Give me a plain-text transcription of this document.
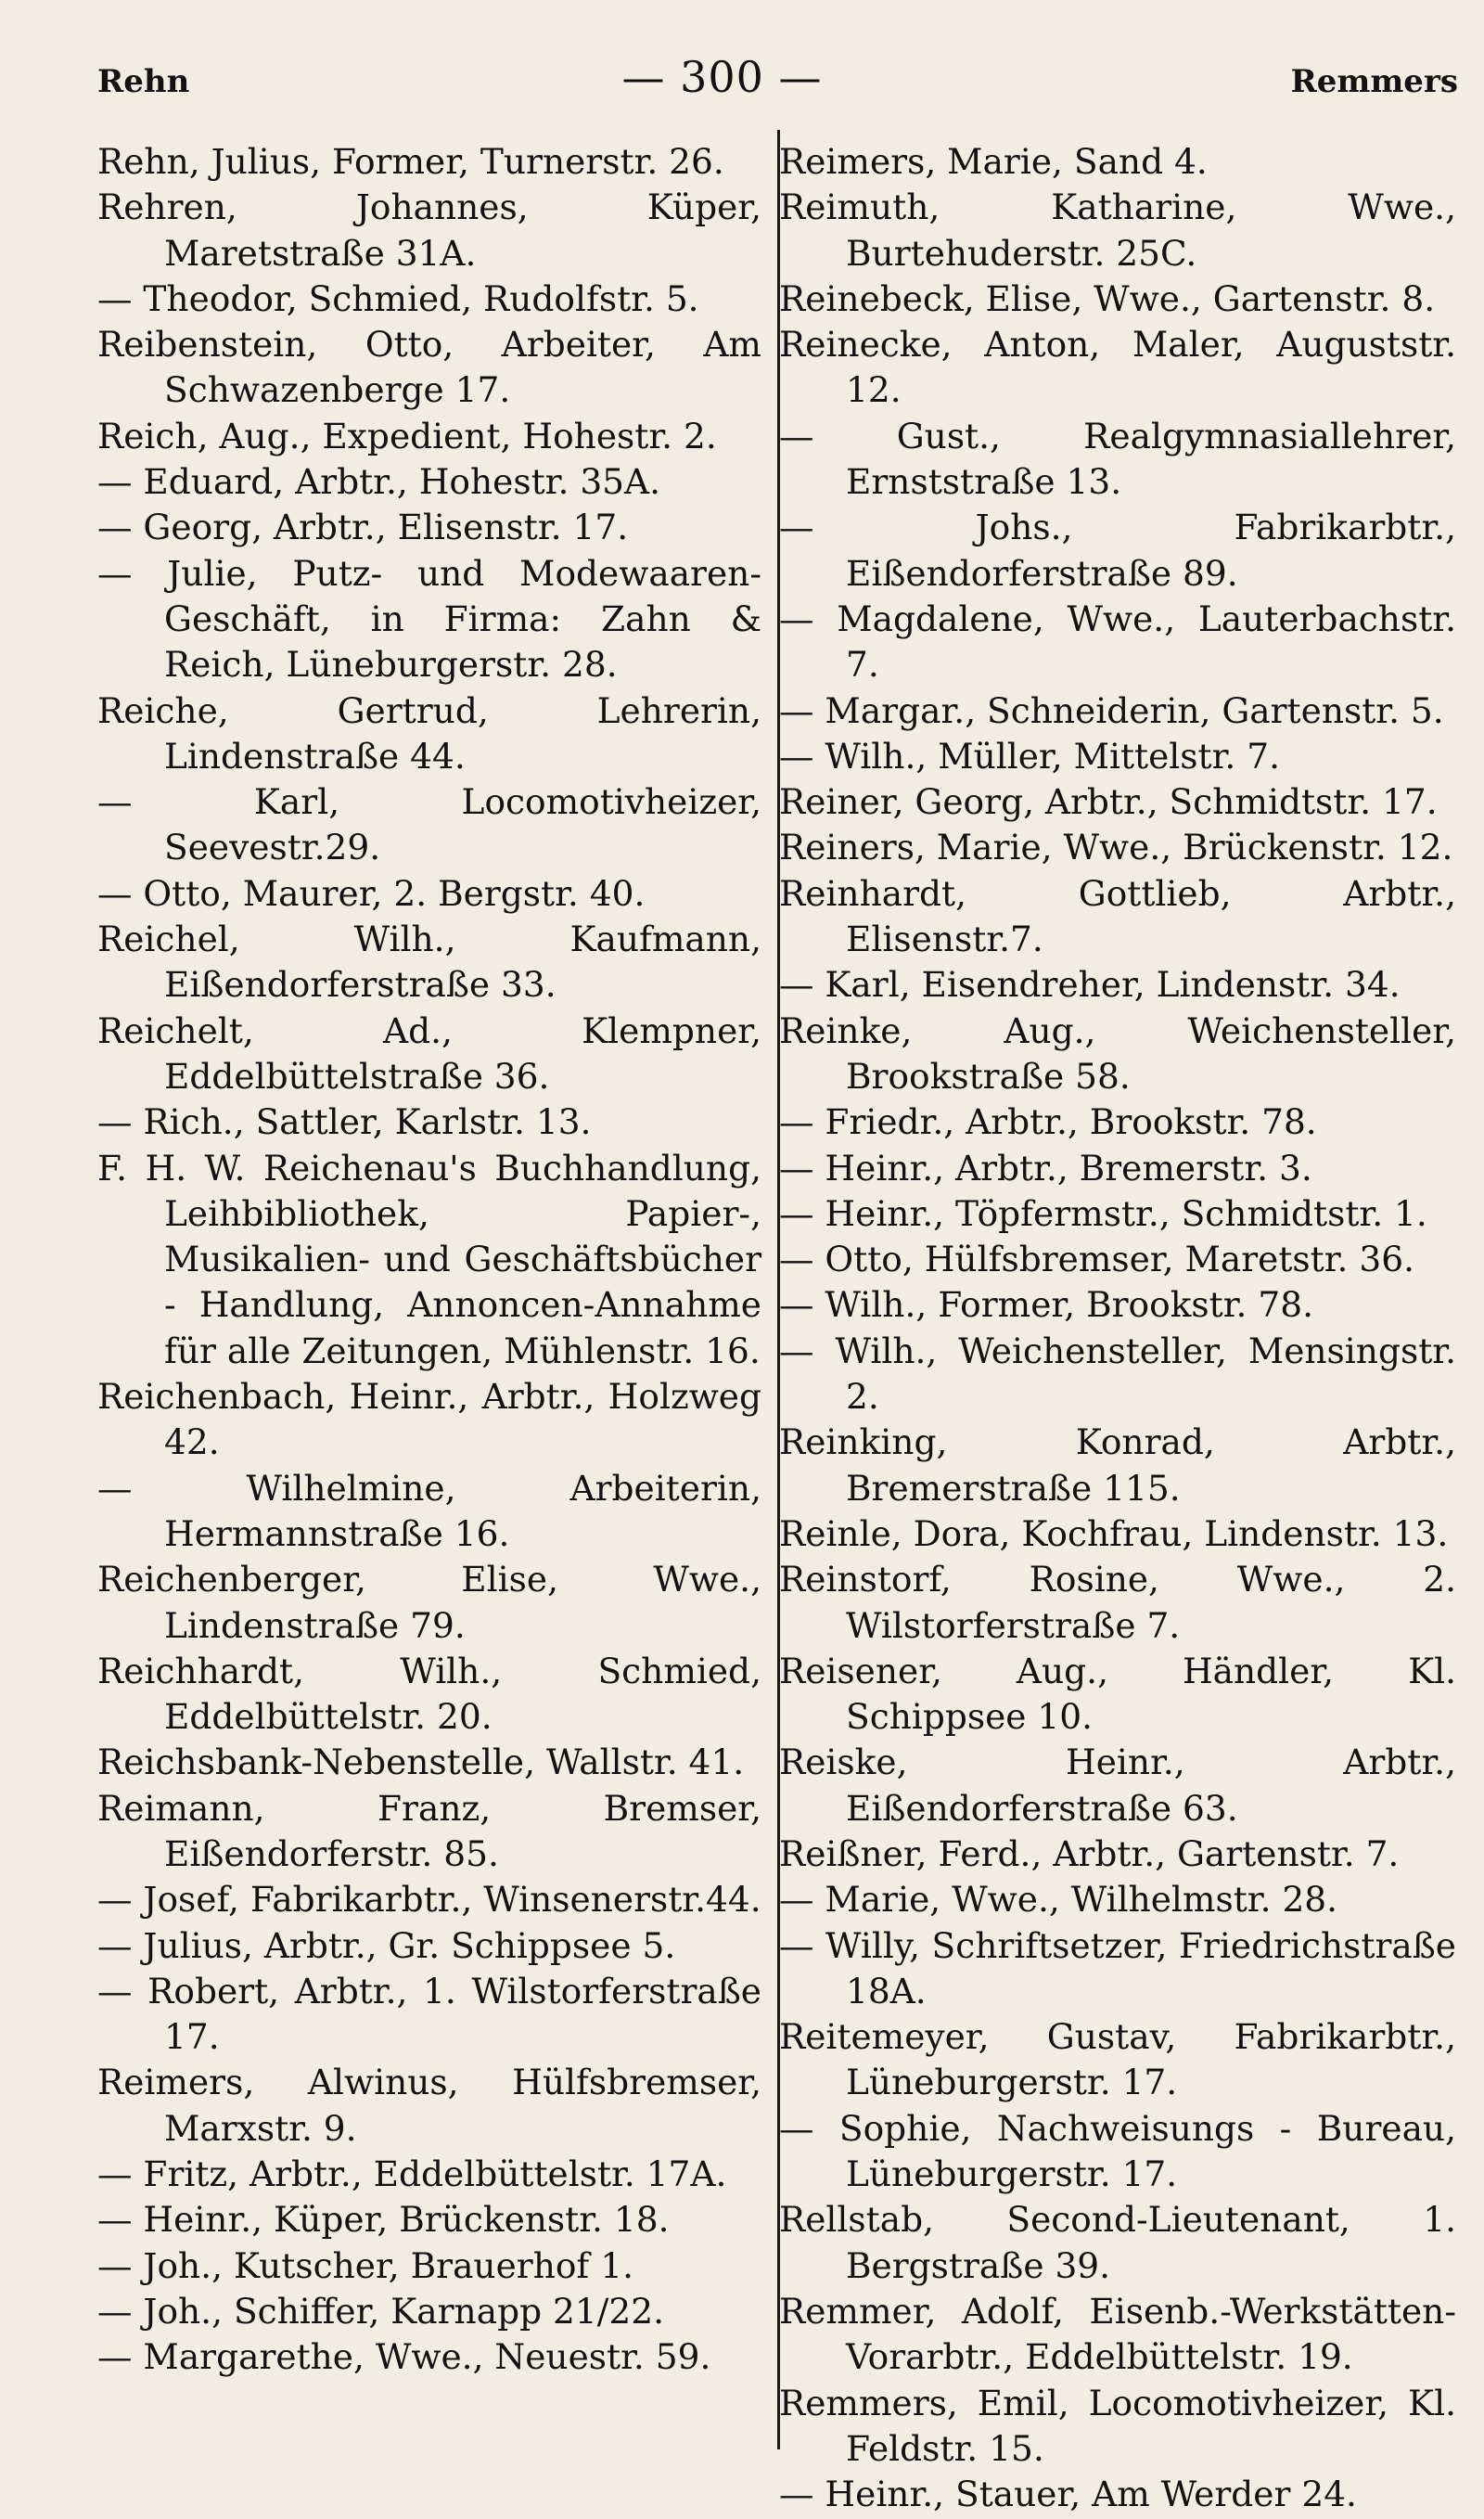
Rehn	— 300 —	Remmers

Rehn, Julius, Former, Turnerstr. 26.

Rehren, Johannes, Küper, Maretstraße 31A.

— Theodor, Schmied, Rudolfstr. 5.

Reibenstein, Otto, Arbeiter, Am Schwazenberge 17.

Reich, Aug., Expedient, Hohestr. 2.

— Eduard, Arbtr., Hohestr. 35A.

— Georg, Arbtr., Elisenstr. 17.

— Julie, Putz- und Modewaaren-Geschäft, in Firma: Zahn & Reich, Lüneburgerstr. 28.

Reiche, Gertrud, Lehrerin, Lindenstraße 44.

— Karl, Locomotivheizer, Seevestr.29.

— Otto, Maurer, 2. Bergstr. 40.

Reichel, Wilh., Kaufmann, Eißendorferstraße 33.

Reichelt, Ad., Klempner, Eddelbüttelstraße 36.

— Rich., Sattler, Karlstr. 13.

F. H. W. Reichenau's Buchhandlung, Leihbibliothek, Papier-, Musikalien- und Geschäftsbücher - Handlung, Annoncen-Annahme für alle Zeitungen, Mühlenstr. 16.

Reichenbach, Heinr., Arbtr., Holzweg 42.

— Wilhelmine, Arbeiterin, Hermannstraße 16.

Reichenberger, Elise, Wwe., Lindenstraße 79.

Reichhardt, Wilh., Schmied, Eddelbüttelstr. 20.

Reichsbank-Nebenstelle, Wallstr. 41.

Reimann, Franz, Bremser, Eißendorferstr. 85.

— Josef, Fabrikarbtr., Winsenerstr.44.

— Julius, Arbtr., Gr. Schippsee 5.

— Robert, Arbtr., 1. Wilstorferstraße 17.

Reimers, Alwinus, Hülfsbremser, Marxstr. 9.

— Fritz, Arbtr., Eddelbüttelstr. 17A.

— Heinr., Küper, Brückenstr. 18.

— Joh., Kutscher, Brauerhof 1.

— Joh., Schiffer, Karnapp 21/22.

— Margarethe, Wwe., Neuestr. 59.

Reimers, Marie, Sand 4.

Reimuth, Katharine, Wwe., Burtehuderstr. 25C.

Reinebeck, Elise, Wwe., Gartenstr. 8.

Reinecke, Anton, Maler, Auguststr. 12.

— Gust., Realgymnasiallehrer, Ernststraße 13.

— Johs., Fabrikarbtr., Eißendorferstraße 89.

— Magdalene, Wwe., Lauterbachstr. 7.

— Margar., Schneiderin, Gartenstr. 5.

— Wilh., Müller, Mittelstr. 7.

Reiner, Georg, Arbtr., Schmidtstr. 17.

Reiners, Marie, Wwe., Brückenstr. 12.

Reinhardt, Gottlieb, Arbtr., Elisenstr.7.

— Karl, Eisendreher, Lindenstr. 34.

Reinke, Aug., Weichensteller, Brookstraße 58.

— Friedr., Arbtr., Brookstr. 78.

— Heinr., Arbtr., Bremerstr. 3.

— Heinr., Töpfermstr., Schmidtstr. 1.

— Otto, Hülfsbremser, Maretstr. 36.

— Wilh., Former, Brookstr. 78.

— Wilh., Weichensteller, Mensingstr. 2.

Reinking, Konrad, Arbtr., Bremerstraße 115.

Reinle, Dora, Kochfrau, Lindenstr. 13.

Reinstorf, Rosine, Wwe., 2. Wilstorferstraße 7.

Reisener, Aug., Händler, Kl. Schippsee 10.

Reiske, Heinr., Arbtr., Eißendorferstraße 63.

Reißner, Ferd., Arbtr., Gartenstr. 7.

— Marie, Wwe., Wilhelmstr. 28.

— Willy, Schriftsetzer, Friedrichstraße 18A.

Reitemeyer, Gustav, Fabrikarbtr., Lüneburgerstr. 17.

— Sophie, Nachweisungs - Bureau, Lüneburgerstr. 17.

Rellstab, Second-Lieutenant, 1. Bergstraße 39.

Remmer, Adolf, Eisenb.-Werkstätten-Vorarbtr., Eddelbüttelstr. 19.

Remmers, Emil, Locomotivheizer, Kl. Feldstr. 15.

— Heinr., Stauer, Am Werder 24.
